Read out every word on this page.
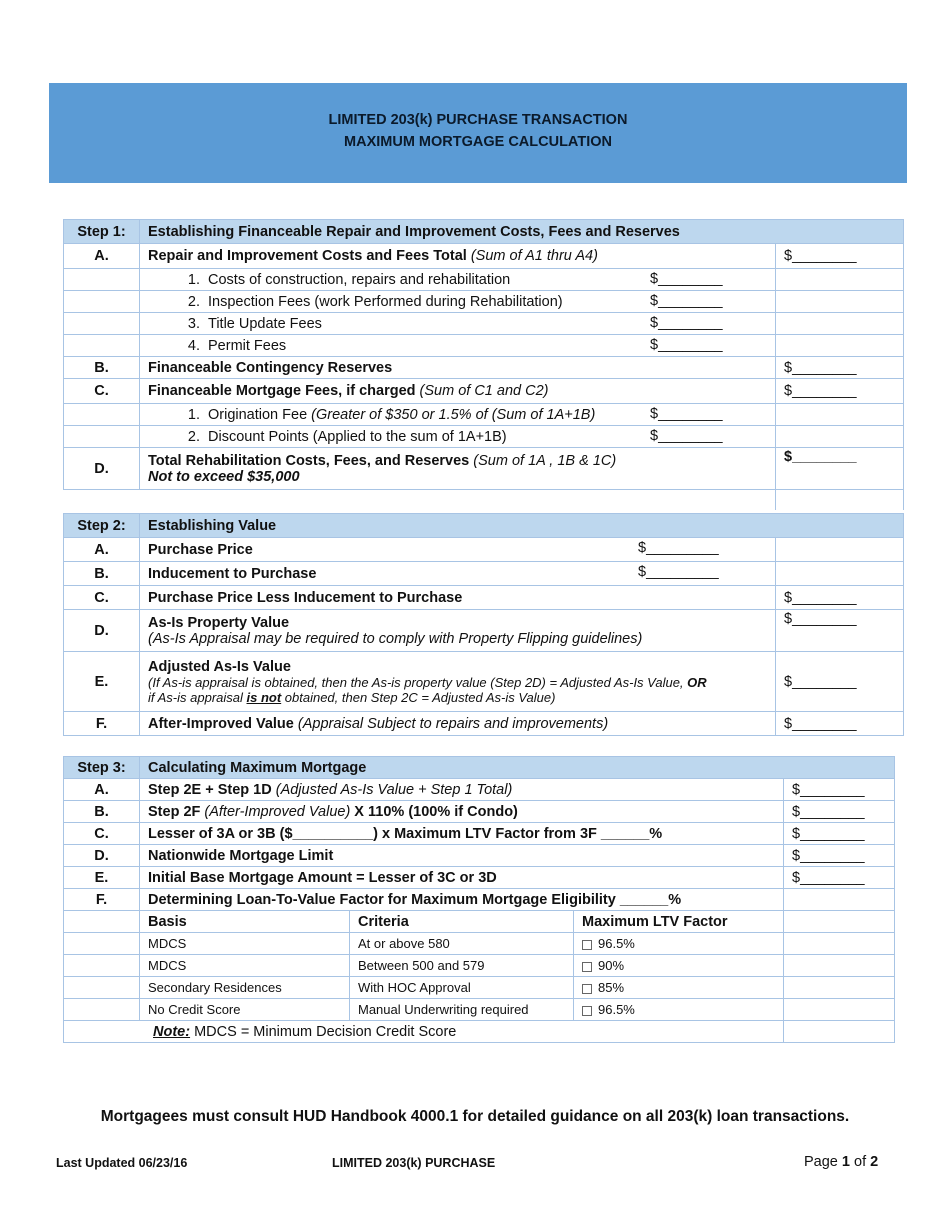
LIMITED 203(k) PURCHASE TRANSACTION
MAXIMUM MORTGAGE CALCULATION
Step 1:	Establishing Financeable Repair and Improvement Costs, Fees and Reserves	
A.	Repair and Improvement Costs and Fees Total (Sum of A1 thru A4)	$________
	1. Costs of construction, repairs and rehabilitation $________	

	2. Inspection Fees (work Performed during Rehabilitation) $________	

	3. Title Update Fees $________	

	4. Permit Fees $________	

B.	Financeable Contingency Reserves	$________
C.	Financeable Mortgage Fees, if charged (Sum of C1 and C2)	$________
	1. Origination Fee (Greater of $350 or 1.5% of (Sum of 1A+1B) $________	

	2. Discount Points (Applied to the sum of 1A+1B) $________	

D.	Total Rehabilitation Costs, Fees, and Reserves (Sum of 1A , 1B & 1C)
Not to exceed $35,000	$________

Step 2:	Establishing Value	
A.	Purchase Price $_________	

B.	Inducement to Purchase $_________	

C.	Purchase Price Less Inducement to Purchase	$________
D.	As-Is Property Value
(As-Is Appraisal may be required to comply with Property Flipping guidelines)	$________
E.	Adjusted As-Is Value
(If As-is appraisal is obtained, then the As-is property value (Step 2D) = Adjusted As-Is Value, OR
if As-is appraisal is not obtained, then Step 2C = Adjusted As-is Value)	$________
F.	After-Improved Value (Appraisal Subject to repairs and improvements)	$________
Step 3:	Calculating Maximum Mortgage			
A.	Step 2E + Step 1D (Adjusted As-Is Value + Step 1 Total)			$________
B.	Step 2F (After-Improved Value) X 110% (100% if Condo)			$________
C.	Lesser of 3A or 3B ($__________) x Maximum LTV Factor from 3F ______%			$________
D.	Nationwide Mortgage Limit			$________
E.	Initial Base Mortgage Amount = Lesser of 3C or 3D			$________
F.	Determining Loan-To-Value Factor for Maximum Mortgage Eligibility ______%			
	Basis	Criteria	Maximum LTV Factor	
	MDCS	At or above 580	96.5%	
	MDCS	Between 500 and 579	90%	
	Secondary Residences	With HOC Approval	85%	
	No Credit Score	Manual Underwriting required	96.5%	
Note: MDCS = Minimum Decision Credit Score				
Mortgagees must consult HUD Handbook 4000.1 for detailed guidance on all 203(k) loan transactions.
Last Updated 06/23/16	LIMITED 203(k) PURCHASE	Page 1 of 2
